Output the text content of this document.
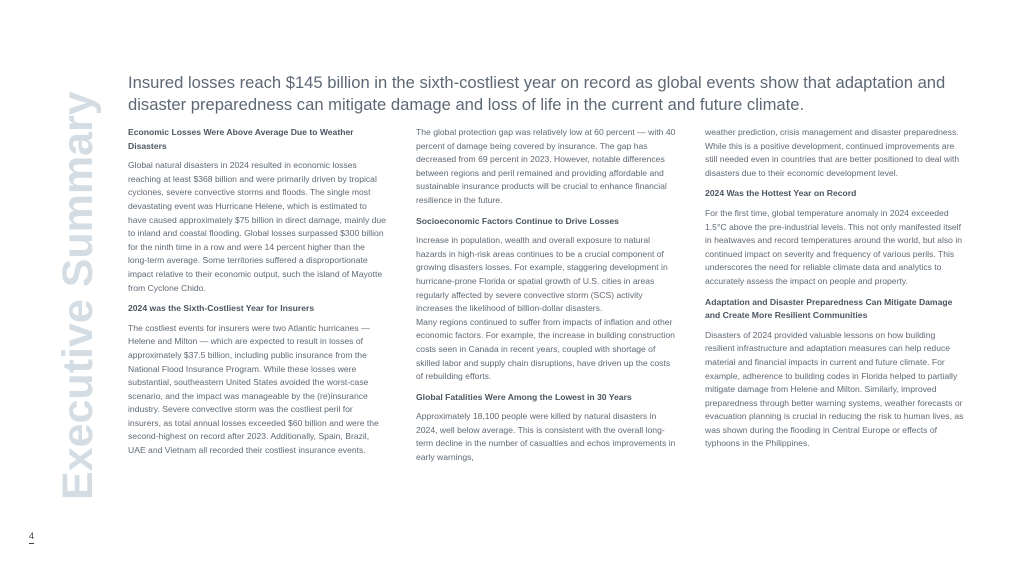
Executive Summary
Insured losses reach $145 billion in the sixth-costliest year on record as global events show that adaptation and disaster preparedness can mitigate damage and loss of life in the current and future climate.
Economic Losses Were Above Average Due to Weather Disasters

Global natural disasters in 2024 resulted in economic losses reaching at least $368 billion and were primarily driven by tropical cyclones, severe convective storms and floods. The single most devastating event was Hurricane Helene, which is estimated to have caused approximately $75 billion in direct damage, mainly due to inland and coastal flooding. Global losses surpassed $300 billion for the ninth time in a row and were 14 percent higher than the long-term average. Some territories suffered a disproportionate impact relative to their economic output, such the island of Mayotte from Cyclone Chido.

2024 was the Sixth-Costliest Year for Insurers

The costliest events for insurers were two Atlantic hurricanes — Helene and Milton — which are expected to result in losses of approximately $37.5 billion, including public insurance from the National Flood Insurance Program. While these losses were substantial, southeastern United States avoided the worst-case scenario, and the impact was manageable by the (re)insurance industry. Severe convective storm was the costliest peril for insurers, as total annual losses exceeded $60 billion and were the second-highest on record after 2023. Additionally, Spain, Brazil, UAE and Vietnam all recorded their costliest insurance events.

The global protection gap was relatively low at 60 percent — with 40 percent of damage being covered by insurance. The gap has decreased from 69 percent in 2023. However, notable differences between regions and peril remained and providing affordable and sustainable insurance products will be crucial to enhance financial resilience in the future.

Socioeconomic Factors Continue to Drive Losses

Increase in population, wealth and overall exposure to natural hazards in high-risk areas continues to be a crucial component of growing disasters losses. For example, staggering development in hurricane-prone Florida or spatial growth of U.S. cities in areas regularly affected by severe convective storm (SCS) activity increases the likelihood of billion-dollar disasters.

Many regions continued to suffer from impacts of inflation and other economic factors. For example, the increase in building construction costs seen in Canada in recent years, coupled with shortage of skilled labor and supply chain disruptions, have driven up the costs of rebuilding efforts.

Global Fatalities Were Among the Lowest in 30 Years

Approximately 18,100 people were killed by natural disasters in 2024, well below average. This is consistent with the overall long-term decline in the number of casualties and echos improvements in early warnings,

weather prediction, crisis management and disaster preparedness. While this is a positive development, continued improvements are still needed even in countries that are better positioned to deal with disasters due to their economic development level.

2024 Was the Hottest Year on Record

For the first time, global temperature anomaly in 2024 exceeded 1.5°C above the pre-industrial levels. This not only manifested itself in heatwaves and record temperatures around the world, but also in continued impact on severity and frequency of various perils. This underscores the need for reliable climate data and analytics to accurately assess the impact on people and property.

Adaptation and Disaster Preparedness Can Mitigate Damage and Create More Resilient Communities

Disasters of 2024 provided valuable lessons on how building resilient infrastructure and adaptation measures can help reduce material and financial impacts in current and future climate. For example, adherence to building codes in Florida helped to partially mitigate damage from Helene and Milton. Similarly, improved preparedness through better warning systems, weather forecasts or evacuation planning is crucial in reducing the risk to human lives, as was shown during the flooding in Central Europe or effects of typhoons in the Philippines.

4
